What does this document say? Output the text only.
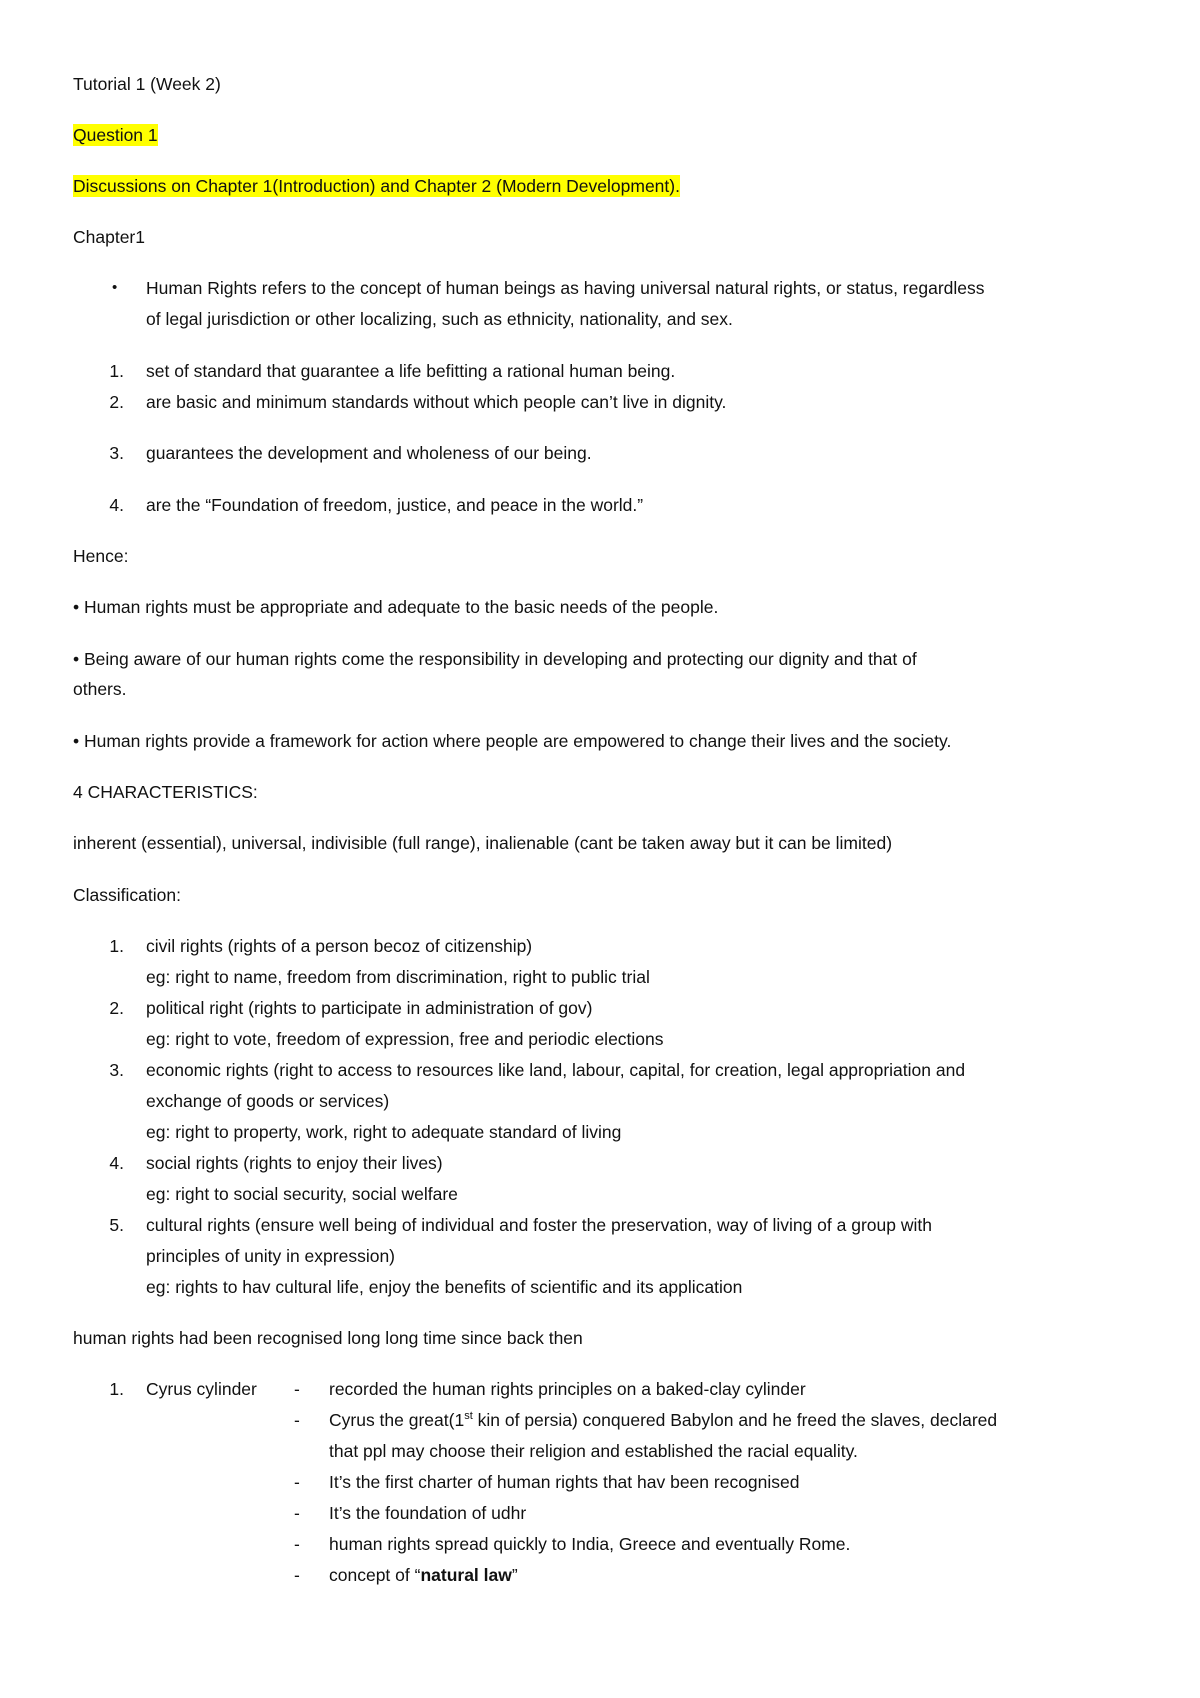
Tutorial 1 (Week 2)
Question 1
Discussions on Chapter 1(Introduction) and Chapter 2 (Modern Development).
Chapter1
• Human Rights refers to the concept of human beings as having universal natural rights, or status, regardless
of legal jurisdiction or other localizing, such as ethnicity, nationality, and sex.
1. set of standard that guarantee a life befitting a rational human being.
2. are basic and minimum standards without which people can’t live in dignity.
3. guarantees the development and wholeness of our being.
4. are the “Foundation of freedom, justice, and peace in the world.”
Hence:
• Human rights must be appropriate and adequate to the basic needs of the people.
• Being aware of our human rights come the responsibility in developing and protecting our dignity and that of
others.
• Human rights provide a framework for action where people are empowered to change their lives and the society.
4 CHARACTERISTICS:
inherent (essential), universal, indivisible (full range), inalienable (cant be taken away but it can be limited)
Classification:
1. civil rights (rights of a person becoz of citizenship)
eg: right to name, freedom from discrimination, right to public trial
2. political right (rights to participate in administration of gov)
eg: right to vote, freedom of expression, free and periodic elections
3. economic rights (right to access to resources like land, labour, capital, for creation, legal appropriation and
exchange of goods or services)
eg: right to property, work, right to adequate standard of living
4. social rights (rights to enjoy their lives)
eg: right to social security, social welfare
5. cultural rights (ensure well being of individual and foster the preservation, way of living of a group with
principles of unity in expression)
eg: rights to hav cultural life, enjoy the benefits of scientific and its application
human rights had been recognised long long time since back then
1. Cyrus cylinder - recorded the human rights principles on a baked-clay cylinder
- Cyrus the great(1st kin of persia) conquered Babylon and he freed the slaves, declared
that ppl may choose their religion and established the racial equality.
- It’s the first charter of human rights that hav been recognised
- It’s the foundation of udhr
- human rights spread quickly to India, Greece and eventually Rome.
- concept of “natural law”
